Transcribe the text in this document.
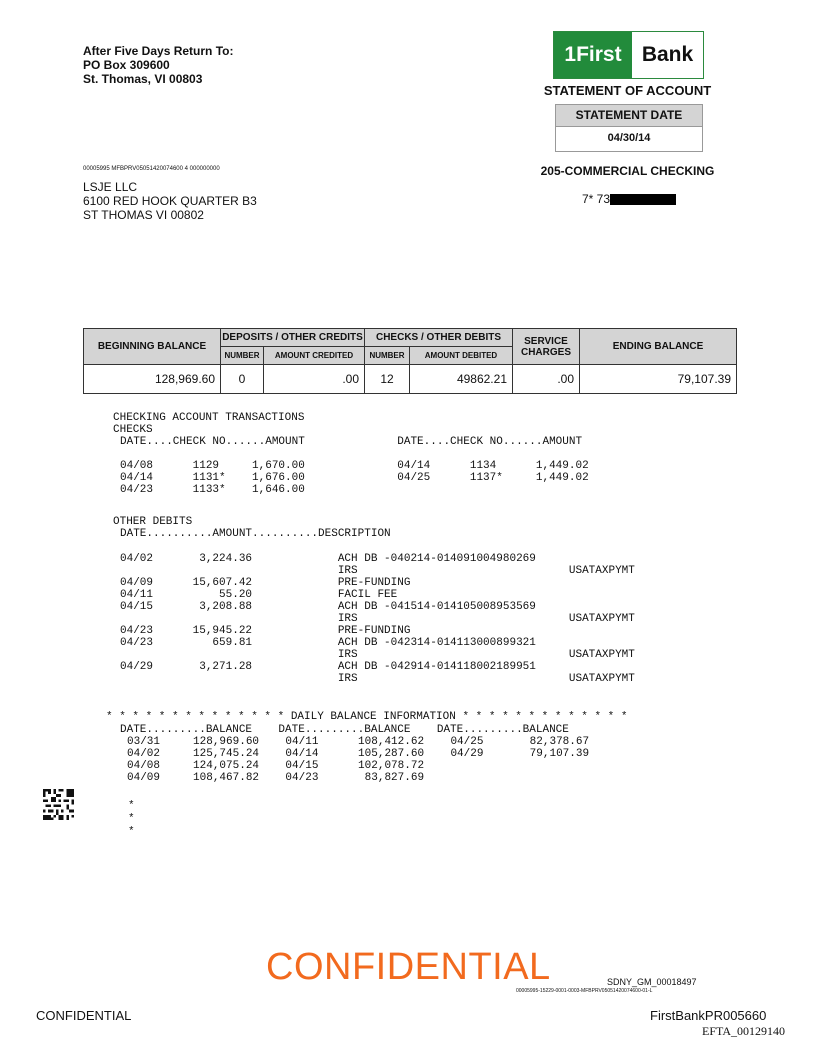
After Five Days Return To:
PO Box 309600
St. Thomas, VI 00803
1First Bank
STATEMENT OF ACCOUNT
STATEMENT DATE
04/30/14
205-COMMERCIAL CHECKING
7* 73
00005995 MFBPRV05051420074600 4 000000000
LSJE LLC
6100 RED HOOK QUARTER B3
ST THOMAS VI 00802
BEGINNING BALANCE	DEPOSITS / OTHER CREDITS		CHECKS / OTHER DEBITS		SERVICE CHARGES	ENDING BALANCE
	NUMBER	AMOUNT CREDITED	NUMBER	AMOUNT DEBITED		
128,969.60	0	.00	12	49862.21	.00	79,107.39
CHECKING ACCOUNT TRANSACTIONS
CHECKS
DATE....CHECK NO......AMOUNT              DATE....CHECK NO......AMOUNT
04/08      1129     1,670.00              04/14      1134      1,449.02
04/14      1131*    1,676.00              04/25      1137*     1,449.02
04/23      1133*    1,646.00
OTHER DEBITS
DATE..........AMOUNT..........DESCRIPTION
04/02       3,224.36             ACH DB -040214-014091004980269
IRS                                USATAXPYMT
04/09      15,607.42             PRE-FUNDING
04/11          55.20             FACIL FEE
04/15       3,208.88             ACH DB -041514-014105008953569
IRS                                USATAXPYMT
04/23      15,945.22             PRE-FUNDING
04/23         659.81             ACH DB -042314-014113000899321
IRS                                USATAXPYMT
04/29       3,271.28             ACH DB -042914-014118002189951
IRS                                USATAXPYMT
* * * * * * * * * * * * * * DAILY BALANCE INFORMATION * * * * * * * * * * * * *
DATE.........BALANCE    DATE.........BALANCE    DATE.........BALANCE
03/31     128,969.60    04/11      108,412.62    04/25       82,378.67
04/02     125,745.24    04/14      105,287.60    04/29       79,107.39
04/08     124,075.24    04/15      102,078.72
04/09     108,467.82    04/23       83,827.69
*
*
*
CONFIDENTIAL	SDNY_GM_00018497
00005995-15229-0001-0003-MFBPRV05051420074600-01-L
CONFIDENTIAL	FirstBankPR005660
EFTA_00129140
